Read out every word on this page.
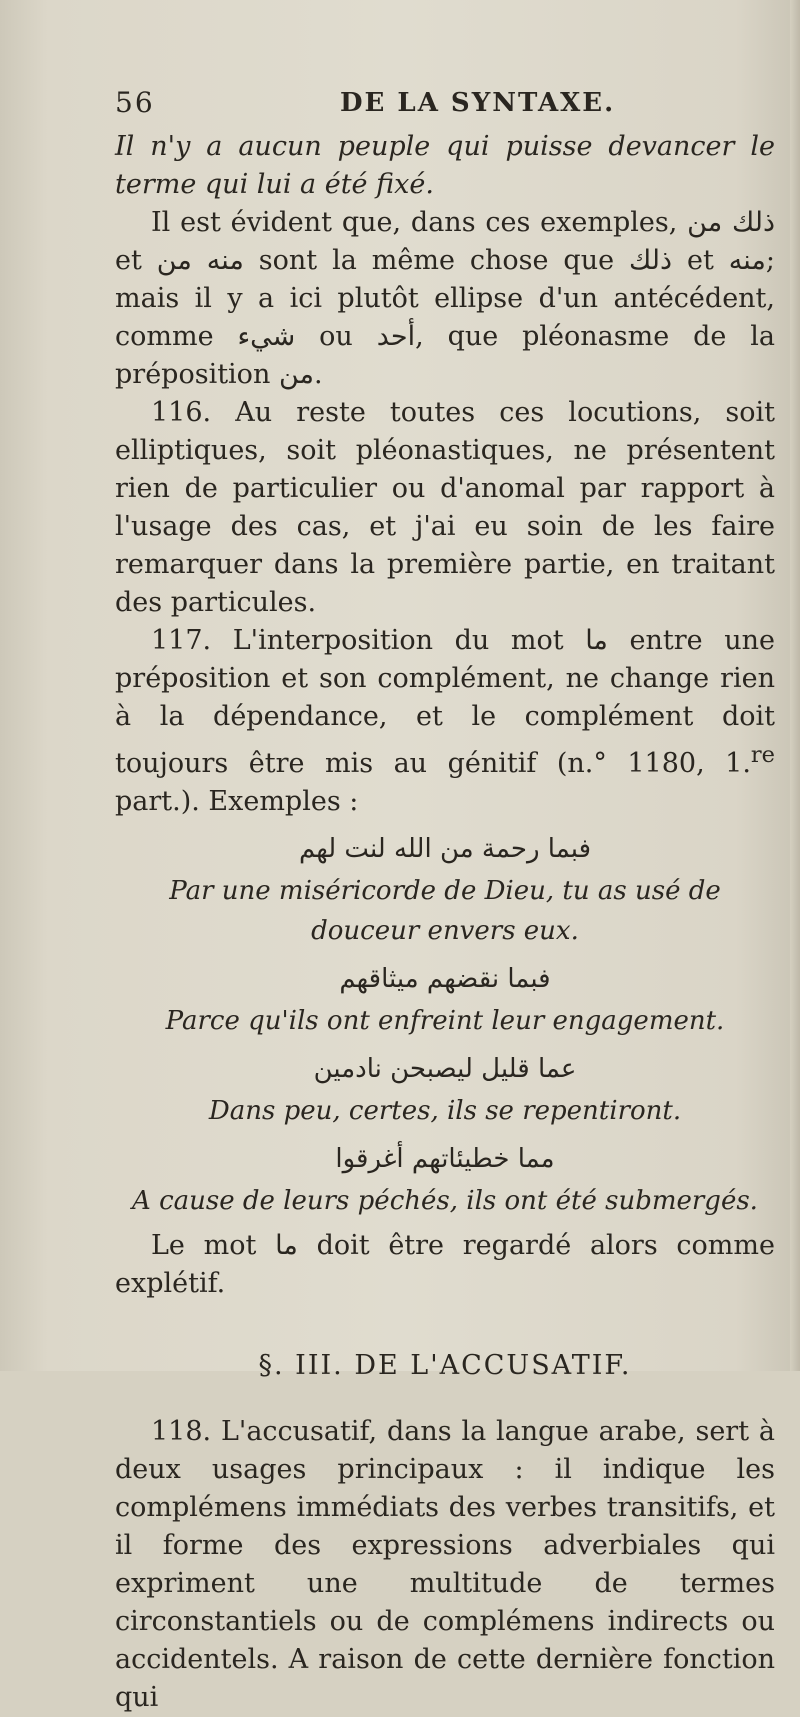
56	DE LA SYNTAXE.

Il n'y a aucun peuple qui puisse devancer le terme qui lui a été fixé.

Il est évident que, dans ces exemples, ذلك من et منه من sont la même chose que ذلك et منه; mais il y a ici plutôt ellipse d'un antécédent, comme شيء ou أحد, que pléonasme de la préposition من.

116. Au reste toutes ces locutions, soit elliptiques, soit pléonastiques, ne présentent rien de particulier ou d'anomal par rapport à l'usage des cas, et j'ai eu soin de les faire remarquer dans la première partie, en traitant des particules.

117. L'interposition du mot ما entre une préposition et son complément, ne change rien à la dépendance, et le complément doit toujours être mis au génitif (n.° 1180, 1.$^{re}$ part.). Exemples :

فبما رحمة من الله لنت لهم

Par une miséricorde de Dieu, tu as usé de douceur envers eux.

فبما نقضهم ميثاقهم

Parce qu'ils ont enfreint leur engagement.

عما قليل ليصبحن نادمين

Dans peu, certes, ils se repentiront.

مما خطيئاتهم أغرقوا

A cause de leurs péchés, ils ont été submergés.

Le mot ما doit être regardé alors comme explétif.

§. III. DE L'ACCUSATIF.

118. L'accusatif, dans la langue arabe, sert à deux usages principaux : il indique les complémens immédiats des verbes transitifs, et il forme des expressions adverbiales qui expriment une multitude de termes circonstantiels ou de complémens indirects ou accidentels. A raison de cette dernière fonction qui
